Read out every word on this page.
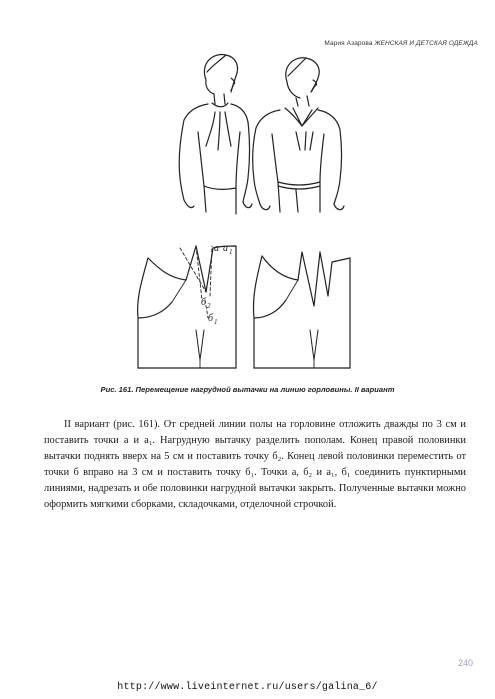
Мария Азарова ЖЕНСКАЯ И ДЕТСКАЯ ОДЕЖДА
а а 1
б 2
б 1
Рис. 161. Перемещение нагрудной вытачки на линию горловины. II вариант

II вариант (рис. 161). От средней линии полы на горловине отложить дважды по 3 см и поставить точки а и а₁. Нагрудную вытачку разделить пополам. Конец правой половинки вытачки поднять вверх на 5 см и поставить точку б₂. Конец левой половинки переместить от точки б вправо на 3 см и поставить точку б₁. Точки а, б₂ и а₁, б₁ соединить пунктирными линиями, надрезать и обе половинки нагрудной вытачки закрыть. Полученные вытачки можно оформить мягкими сборками, складочками, отделочной строчкой.

240
http://www.liveinternet.ru/users/galina_6/
